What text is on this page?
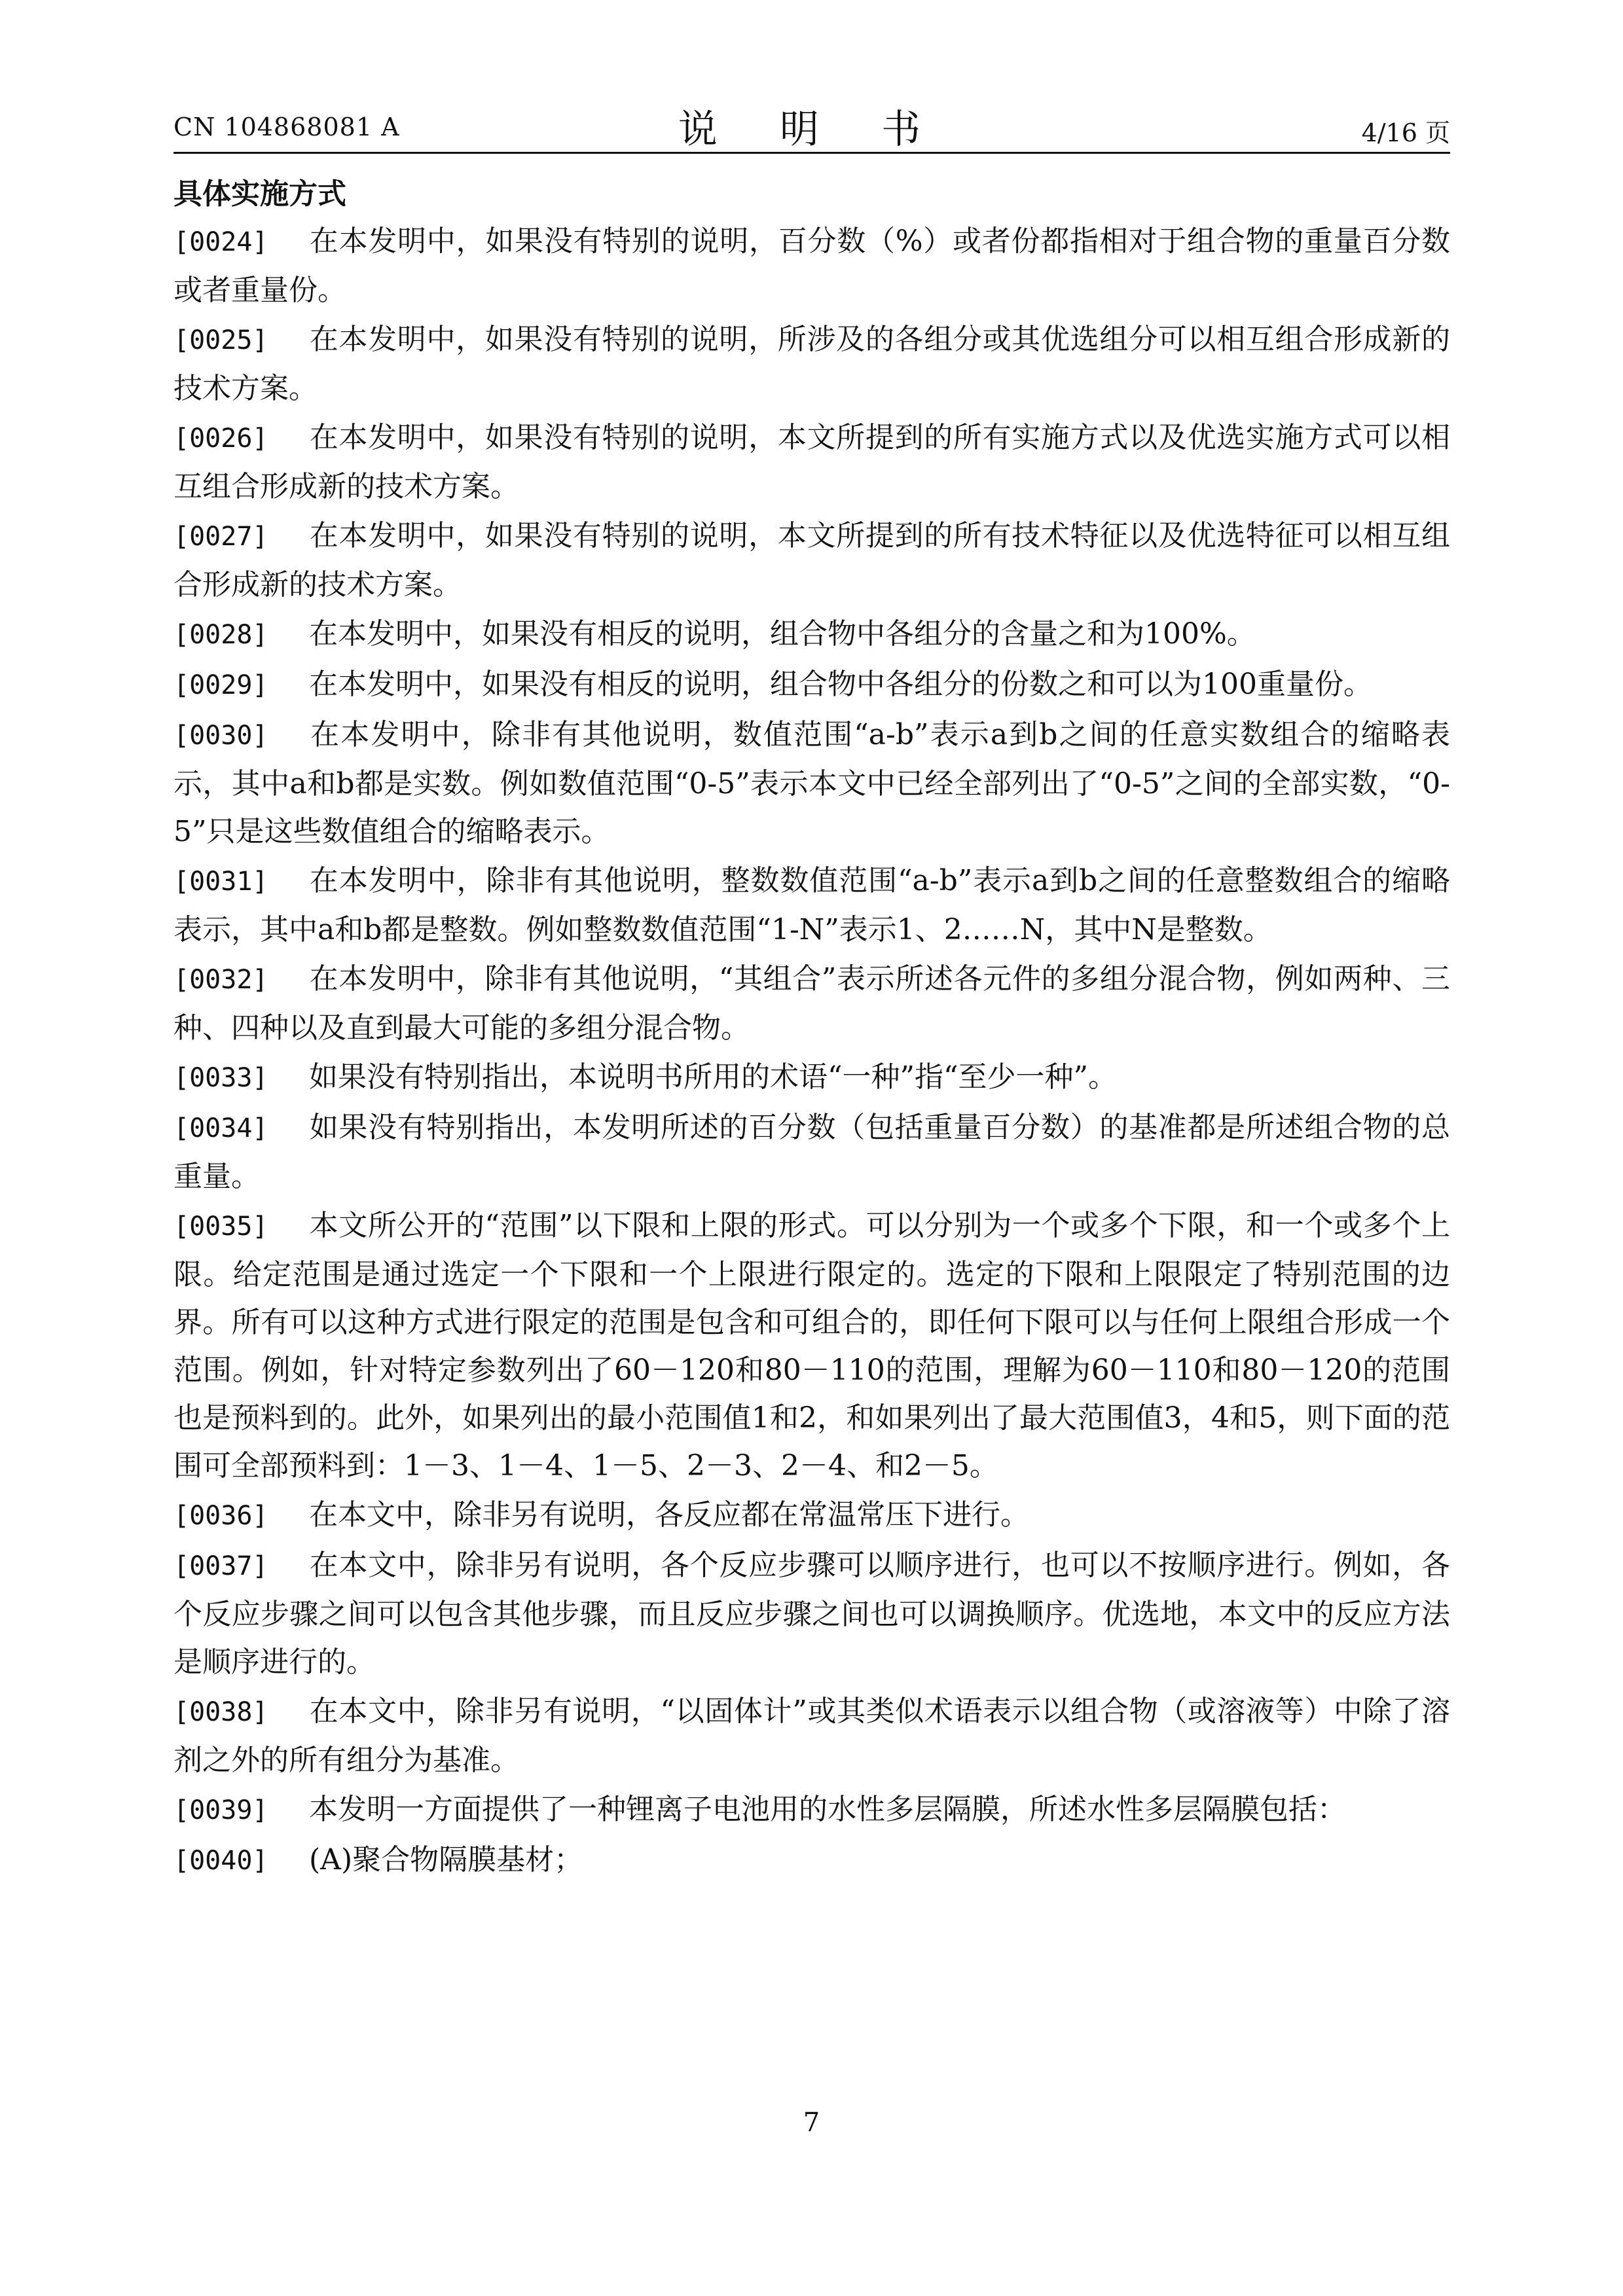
CN 104868081 A	说 明 书	4/16 页
具体实施方式

[0024] 在本发明中，如果没有特别的说明，百分数（%）或者份都指相对于组合物的重量百分数或者重量份。

[0025] 在本发明中，如果没有特别的说明，所涉及的各组分或其优选组分可以相互组合形成新的技术方案。

[0026] 在本发明中，如果没有特别的说明，本文所提到的所有实施方式以及优选实施方式可以相互组合形成新的技术方案。

[0027] 在本发明中，如果没有特别的说明，本文所提到的所有技术特征以及优选特征可以相互组合形成新的技术方案。

[0028] 在本发明中，如果没有相反的说明，组合物中各组分的含量之和为100%。

[0029] 在本发明中，如果没有相反的说明，组合物中各组分的份数之和可以为100重量份。

[0030] 在本发明中，除非有其他说明，数值范围“a-b”表示a到b之间的任意实数组合的缩略表示，其中a和b都是实数。例如数值范围“0-5”表示本文中已经全部列出了“0-5”之间的全部实数，“0-5”只是这些数值组合的缩略表示。

[0031] 在本发明中，除非有其他说明，整数数值范围“a-b”表示a到b之间的任意整数组合的缩略表示，其中a和b都是整数。例如整数数值范围“1-N”表示1、2……N，其中N是整数。

[0032] 在本发明中，除非有其他说明，“其组合”表示所述各元件的多组分混合物，例如两种、三种、四种以及直到最大可能的多组分混合物。

[0033] 如果没有特别指出，本说明书所用的术语“一种”指“至少一种”。

[0034] 如果没有特别指出，本发明所述的百分数（包括重量百分数）的基准都是所述组合物的总重量。

[0035] 本文所公开的“范围”以下限和上限的形式。可以分别为一个或多个下限，和一个或多个上限。给定范围是通过选定一个下限和一个上限进行限定的。选定的下限和上限限定了特别范围的边界。所有可以这种方式进行限定的范围是包含和可组合的，即任何下限可以与任何上限组合形成一个范围。例如，针对特定参数列出了60－120和80－110的范围，理解为60－110和80－120的范围也是预料到的。此外，如果列出的最小范围值1和2，和如果列出了最大范围值3，4和5，则下面的范围可全部预料到：1－3、1－4、1－5、2－3、2－4、和2－5。

[0036] 在本文中，除非另有说明，各反应都在常温常压下进行。

[0037] 在本文中，除非另有说明，各个反应步骤可以顺序进行，也可以不按顺序进行。例如，各个反应步骤之间可以包含其他步骤，而且反应步骤之间也可以调换顺序。优选地，本文中的反应方法是顺序进行的。

[0038] 在本文中，除非另有说明，“以固体计”或其类似术语表示以组合物（或溶液等）中除了溶剂之外的所有组分为基准。

[0039] 本发明一方面提供了一种锂离子电池用的水性多层隔膜，所述水性多层隔膜包括：

[0040] (A)聚合物隔膜基材；

7
